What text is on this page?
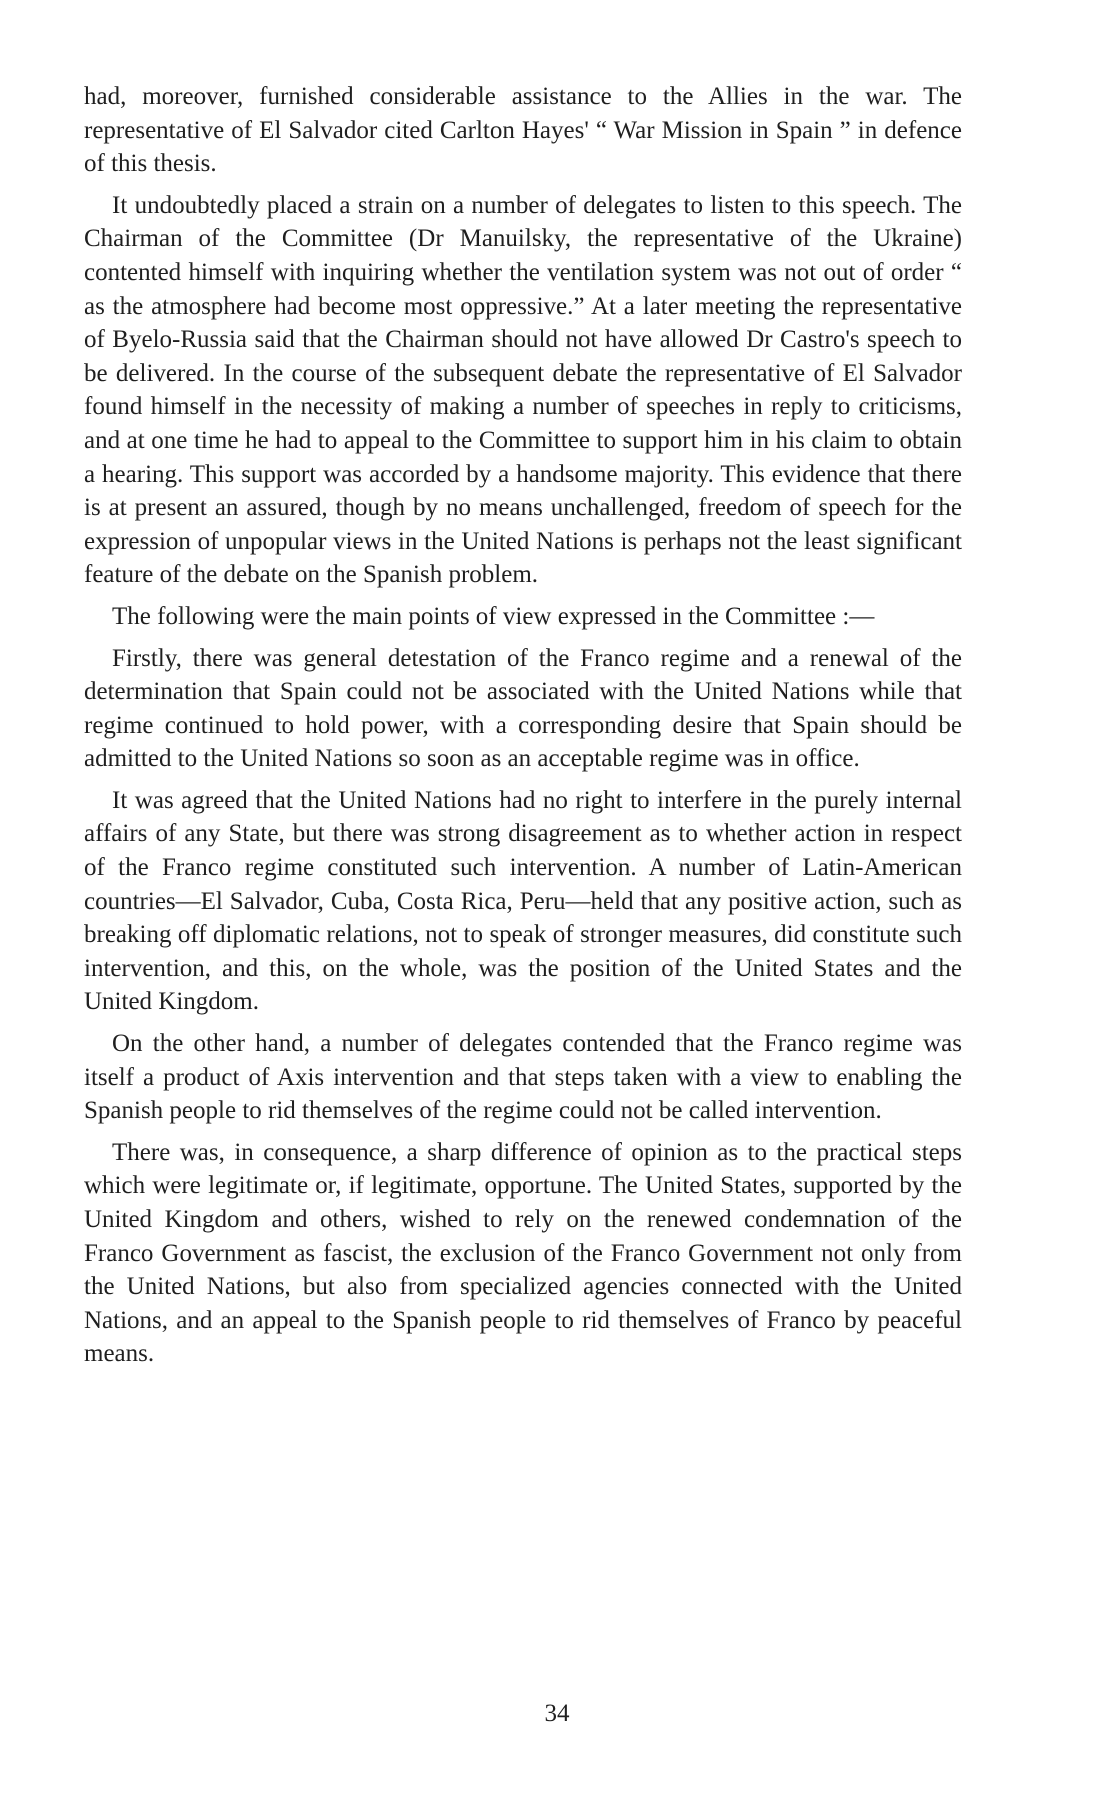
had, moreover, furnished considerable assistance to the Allies in the war. The representative of El Salvador cited Carlton Hayes' “ War Mission in Spain ” in defence of this thesis.

It undoubtedly placed a strain on a number of delegates to listen to this speech. The Chairman of the Committee (Dr Manuilsky, the representative of the Ukraine) contented himself with inquiring whether the ventilation system was not out of order “ as the atmosphere had become most oppressive.” At a later meeting the representative of Byelo-Russia said that the Chairman should not have allowed Dr Castro's speech to be delivered. In the course of the subsequent debate the representative of El Salvador found himself in the necessity of making a number of speeches in reply to criticisms, and at one time he had to appeal to the Committee to support him in his claim to obtain a hearing. This support was accorded by a handsome majority. This evidence that there is at present an assured, though by no means unchallenged, freedom of speech for the expression of unpopular views in the United Nations is perhaps not the least significant feature of the debate on the Spanish problem.

The following were the main points of view expressed in the Committee :—

Firstly, there was general detestation of the Franco regime and a renewal of the determination that Spain could not be associated with the United Nations while that regime continued to hold power, with a corresponding desire that Spain should be admitted to the United Nations so soon as an acceptable regime was in office.

It was agreed that the United Nations had no right to interfere in the purely internal affairs of any State, but there was strong disagreement as to whether action in respect of the Franco regime constituted such intervention. A number of Latin-American countries—El Salvador, Cuba, Costa Rica, Peru—held that any positive action, such as breaking off diplomatic relations, not to speak of stronger measures, did constitute such intervention, and this, on the whole, was the position of the United States and the United Kingdom.

On the other hand, a number of delegates contended that the Franco regime was itself a product of Axis intervention and that steps taken with a view to enabling the Spanish people to rid themselves of the regime could not be called intervention.

There was, in consequence, a sharp difference of opinion as to the practical steps which were legitimate or, if legitimate, opportune. The United States, supported by the United Kingdom and others, wished to rely on the renewed condemnation of the Franco Government as fascist, the exclusion of the Franco Government not only from the United Nations, but also from specialized agencies connected with the United Nations, and an appeal to the Spanish people to rid themselves of Franco by peaceful means.

34
